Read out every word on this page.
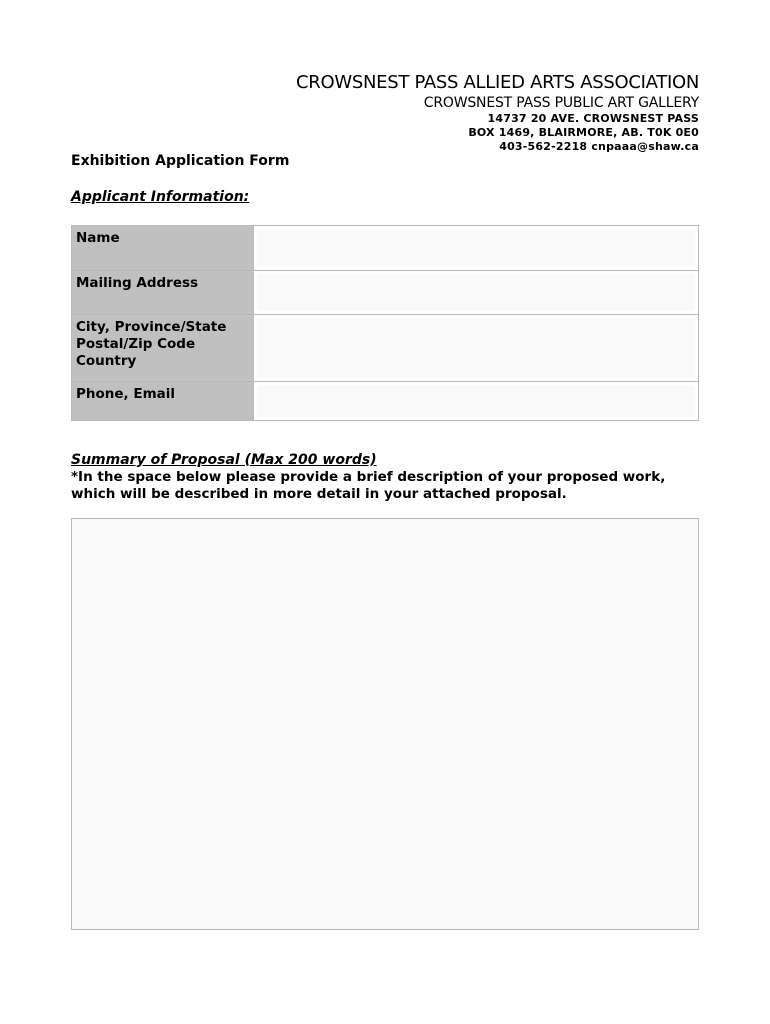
CROWSNEST PASS ALLIED ARTS ASSOCIATION
CROWSNEST PASS PUBLIC ART GALLERY
14737 20 AVE. CROWSNEST PASS
BOX 1469, BLAIRMORE, AB. T0K 0E0
403-562-2218 cnpaaa@shaw.ca
Exhibition Application Form
Applicant Information:
Name	

Mailing Address	

City, Province/State
Postal/Zip Code
Country	

Phone, Email	
Summary of Proposal (Max 200 words)
*In the space below please provide a brief description of your proposed work, which will be described in more detail in your attached proposal.
